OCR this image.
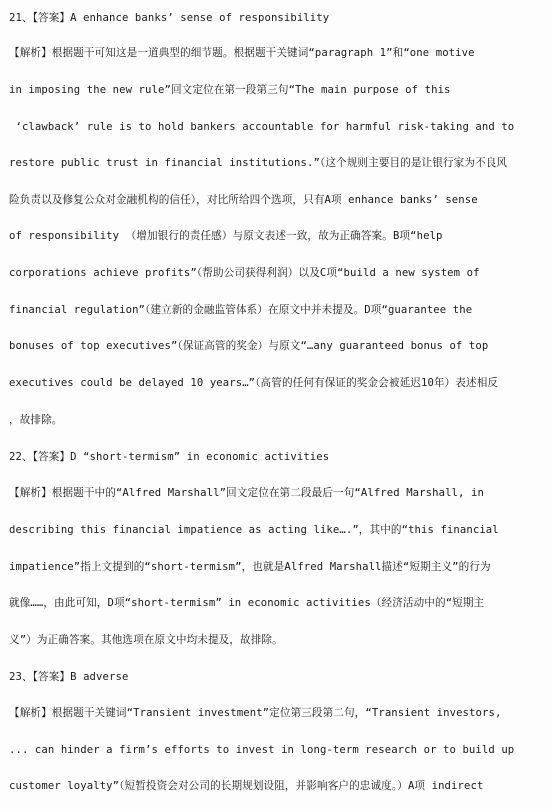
21、【答案】A enhance banks’ sense of responsibility
【解析】根据题干可知这是一道典型的细节题。根据题干关键词“paragraph 1”和“one motive
in imposing the new rule”回文定位在第一段第三句“The main purpose of this
‘clawback’ rule is to hold bankers accountable for harmful risk-taking and to
restore public trust in financial institutions.”（这个规则主要目的是让银行家为不良风
险负责以及修复公众对金融机构的信任），对比所给四个选项，只有A项 enhance banks’ sense
of responsibility （增加银行的责任感）与原文表述一致，故为正确答案。B项“help
corporations achieve profits”（帮助公司获得利润）以及C项“build a new system of
financial regulation”（建立新的金融监管体系）在原文中并未提及。D项“guarantee the
bonuses of top executives”（保证高管的奖金）与原文“…any guaranteed bonus of top
executives could be delayed 10 years…”（高管的任何有保证的奖金会被延迟10年）表述相反
，故排除。
22、【答案】D “short-termism” in economic activities
【解析】根据题干中的“Alfred Marshall”回文定位在第二段最后一句“Alfred Marshall, in
describing this financial impatience as acting like….”，其中的“this financial
impatience”指上文提到的“short-termism”，也就是Alfred Marshall描述“短期主义”的行为
就像……，由此可知，D项“short-termism” in economic activities（经济活动中的“短期主
义”）为正确答案。其他选项在原文中均未提及，故排除。
23、【答案】B adverse
【解析】根据题干关键词“Transient investment”定位第三段第二句，“Transient investors,
... can hinder a firm’s efforts to invest in long-term research or to build up
customer loyalty”（短暂投资会对公司的长期规划设阻，并影响客户的忠诚度。）A项 indirect
